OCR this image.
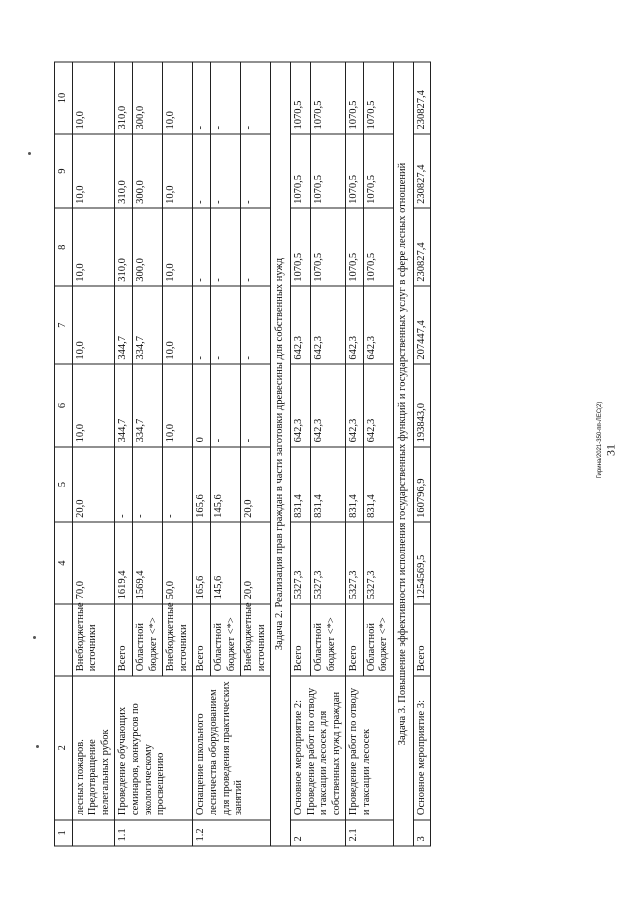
31
Гирина/2021-350-пп-ЛЕС(2)
1	2		4	5	6	7	8	9	10
	лесных пожаров. Предотвращение нелегальных рубок	Внебюджетные источники	70,0	20,0	10,0	10,0	10,0	10,0	10,0
1.1	Проведение обучающих семинаров, конкурсов по экологическому просвещению	Всего	1619,4	-	344,7	344,7	310,0	310,0	310,0
		Областной бюджет <*>	1569,4	-	334,7	334,7	300,0	300,0	300,0
		Внебюджетные источники	50,0	-	10,0	10,0	10,0	10,0	10,0
1.2	Оснащение школьного лесничества оборудованием для проведения практических занятий	Всего	165,6	165,6	0	-	-	-	-
		Областной бюджет <*>	145,6	145,6	-	-	-	-	-
		Внебюджетные источники	20,0	20,0	-	-	-	-	-
Задача 2. Реализация прав граждан в части заготовки древесины для собственных нужд									
2	Основное мероприятие 2: Проведение работ по отводу и таксации лесосек для собственных нужд граждан	Всего	5327,3	831,4	642,3	642,3	1070,5	1070,5	1070,5
		Областной бюджет <*>	5327,3	831,4	642,3	642,3	1070,5	1070,5	1070,5
2.1	Проведение работ по отводу и таксации лесосек	Всего	5327,3	831,4	642,3	642,3	1070,5	1070,5	1070,5
		Областной бюджет <*>	5327,3	831,4	642,3	642,3	1070,5	1070,5	1070,5
Задача 3. Повышение эффективности исполнения государственных функций и государственных услуг в сфере лесных отношений									
3	Основное мероприятие 3:	Всего	1254569,5	160796,9	193843,0	207447,4	230827,4	230827,4	230827,4
